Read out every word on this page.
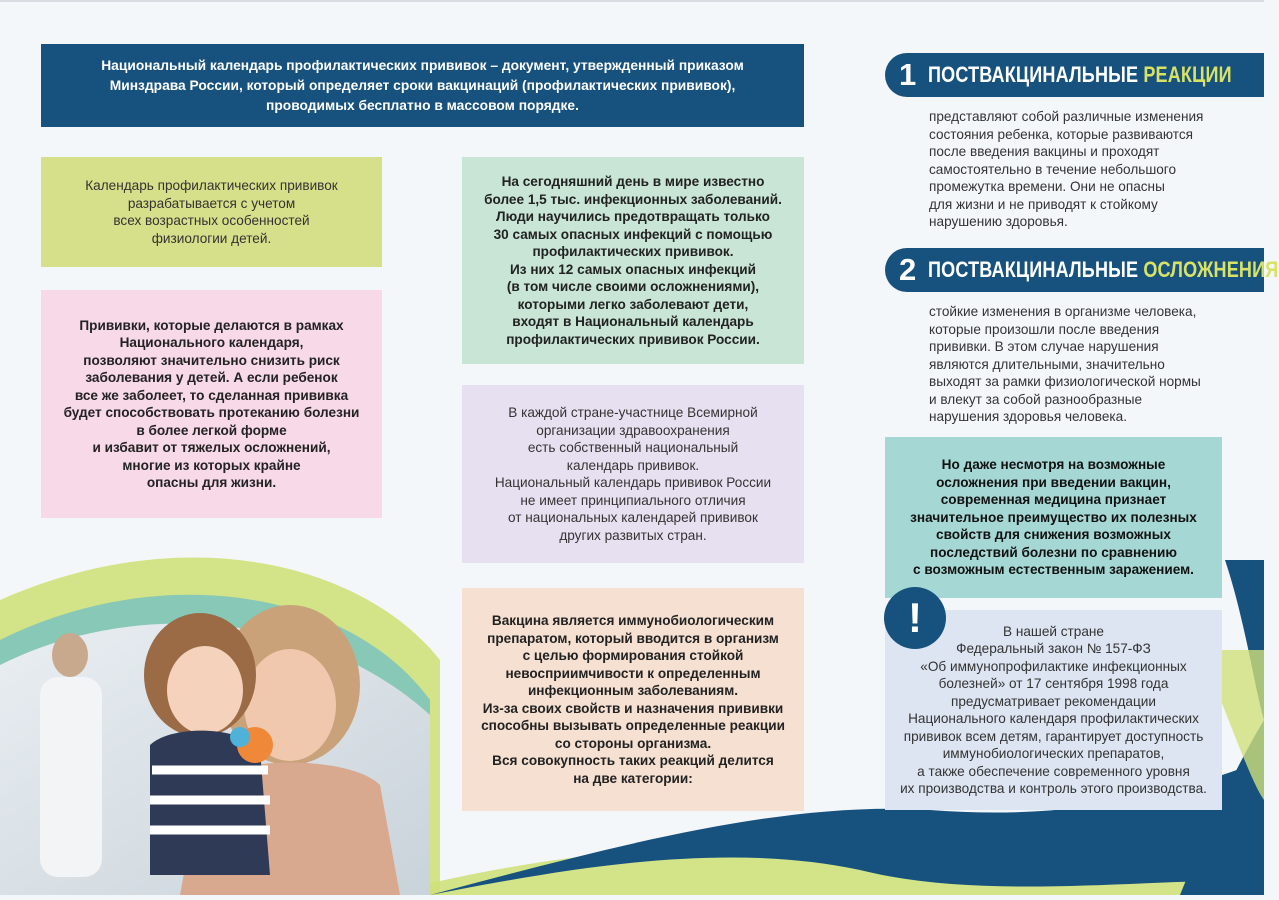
Национальный календарь профилактических прививок – документ, утвержденный приказом
Минздрава России, который определяет сроки вакцинаций (профилактических прививок),
проводимых бесплатно в массовом порядке.

Календарь профилактических прививок
разрабатывается с учетом
всех возрастных особенностей
физиологии детей.

Прививки, которые делаются в рамках
Национального календаря,
позволяют значительно снизить риск
заболевания у детей. А если ребенок
все же заболеет, то сделанная прививка
будет способствовать протеканию болезни
в более легкой форме
и избавит от тяжелых осложнений,
многие из которых крайне
опасны для жизни.

На сегодняшний день в мире известно
более 1,5 тыс. инфекционных заболеваний.
Люди научились предотвращать только
30 самых опасных инфекций с помощью
профилактических прививок.
Из них 12 самых опасных инфекций
(в том числе своими осложнениями),
которыми легко заболевают дети,
входят в Национальный календарь
профилактических прививок России.

В каждой стране-участнице Всемирной
организации здравоохранения
есть собственный национальный
календарь прививок.
Национальный календарь прививок России
не имеет принципиального отличия
от национальных календарей прививок
других развитых стран.

Вакцина является иммунобиологическим
препаратом, который вводится в организм
с целью формирования стойкой
невосприимчивости к определенным
инфекционным заболеваниям.
Из-за своих свойств и назначения прививки
способны вызывать определенные реакции
со стороны организма.
Вся совокупность таких реакций делится
на две категории:

1 ПОСТВАКЦИНАЛЬНЫЕ РЕАКЦИИ
представляют собой различные изменения
состояния ребенка, которые развиваются
после введения вакцины и проходят
самостоятельно в течение небольшого
промежутка времени. Они не опасны
для жизни и не приводят к стойкому
нарушению здоровья.
2 ПОСТВАКЦИНАЛЬНЫЕ ОСЛОЖНЕНИЯ
стойкие изменения в организме человека,
которые произошли после введения
прививки. В этом случае нарушения
являются длительными, значительно
выходят за рамки физиологической нормы
и влекут за собой разнообразные
нарушения здоровья человека.

Но даже несмотря на возможные
осложнения при введении вакцин,
современная медицина признает
значительное преимущество их полезных
свойств для снижения возможных
последствий болезни по сравнению
с возможным естественным заражением.

В нашей стране
Федеральный закон № 157-ФЗ
«Об иммунопрофилактике инфекционных
болезней» от 17 сентября 1998 года
предусматривает рекомендации
Национального календаря профилактических
прививок всем детям, гарантирует доступность
иммунобиологических препаратов,
а также обеспечение современного уровня
их производства и контроль этого производства.

!
